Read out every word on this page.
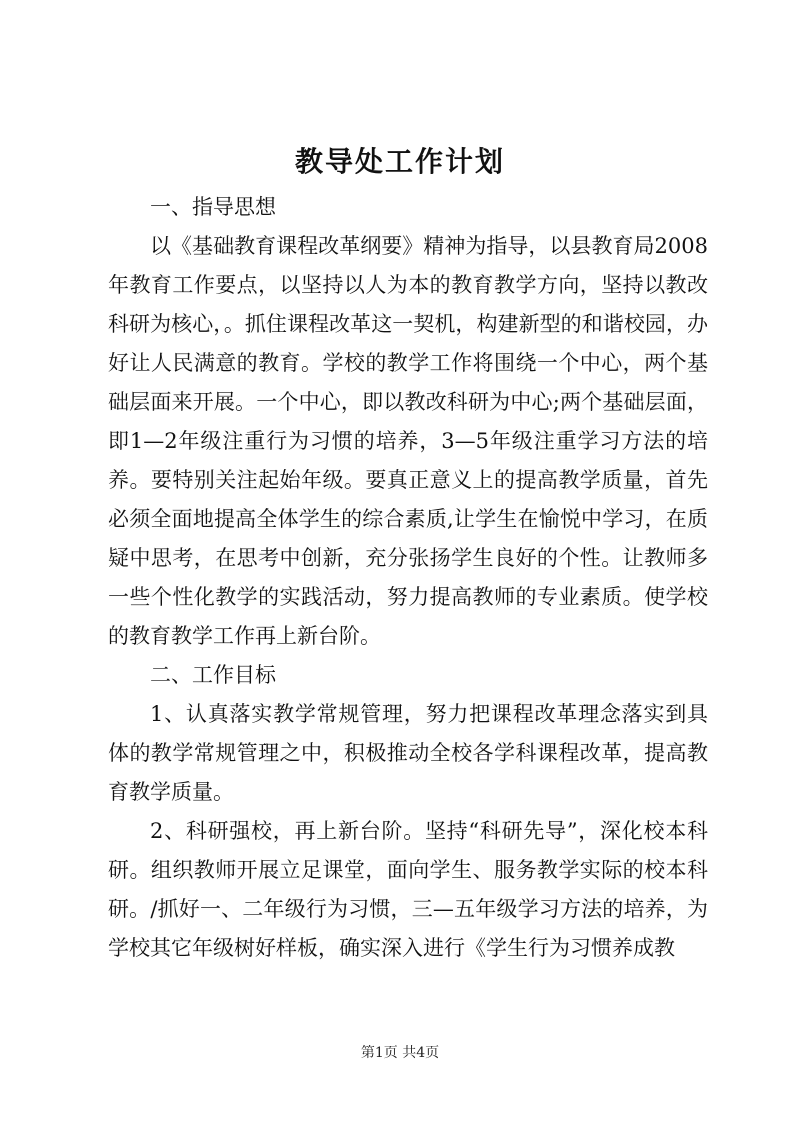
教导处工作计划

一、指导思想

以《基础教育课程改革纲要》精神为指导，以县教育局2008年教育工作要点，以坚持以人为本的教育教学方向，坚持以教改科研为核心，。抓住课程改革这一契机，构建新型的和谐校园，办好让人民满意的教育。学校的教学工作将围绕一个中心，两个基础层面来开展。一个中心，即以教改科研为中心;两个基础层面，即1—2年级注重行为习惯的培养，3—5年级注重学习方法的培养。要特别关注起始年级。要真正意义上的提高教学质量，首先必须全面地提高全体学生的综合素质,让学生在愉悦中学习，在质疑中思考，在思考中创新，充分张扬学生良好的个性。让教师多一些个性化教学的实践活动，努力提高教师的专业素质。使学校的教育教学工作再上新台阶。

二、工作目标

1、认真落实教学常规管理，努力把课程改革理念落实到具体的教学常规管理之中，积极推动全校各学科课程改革，提高教育教学质量。

2、科研强校，再上新台阶。坚持“科研先导”，深化校本科研。组织教师开展立足课堂，面向学生、服务教学实际的校本科研。/抓好一、二年级行为习惯，三—五年级学习方法的培养，为学校其它年级树好样板，确实深入进行《学生行为习惯养成教

第1页 共4页
